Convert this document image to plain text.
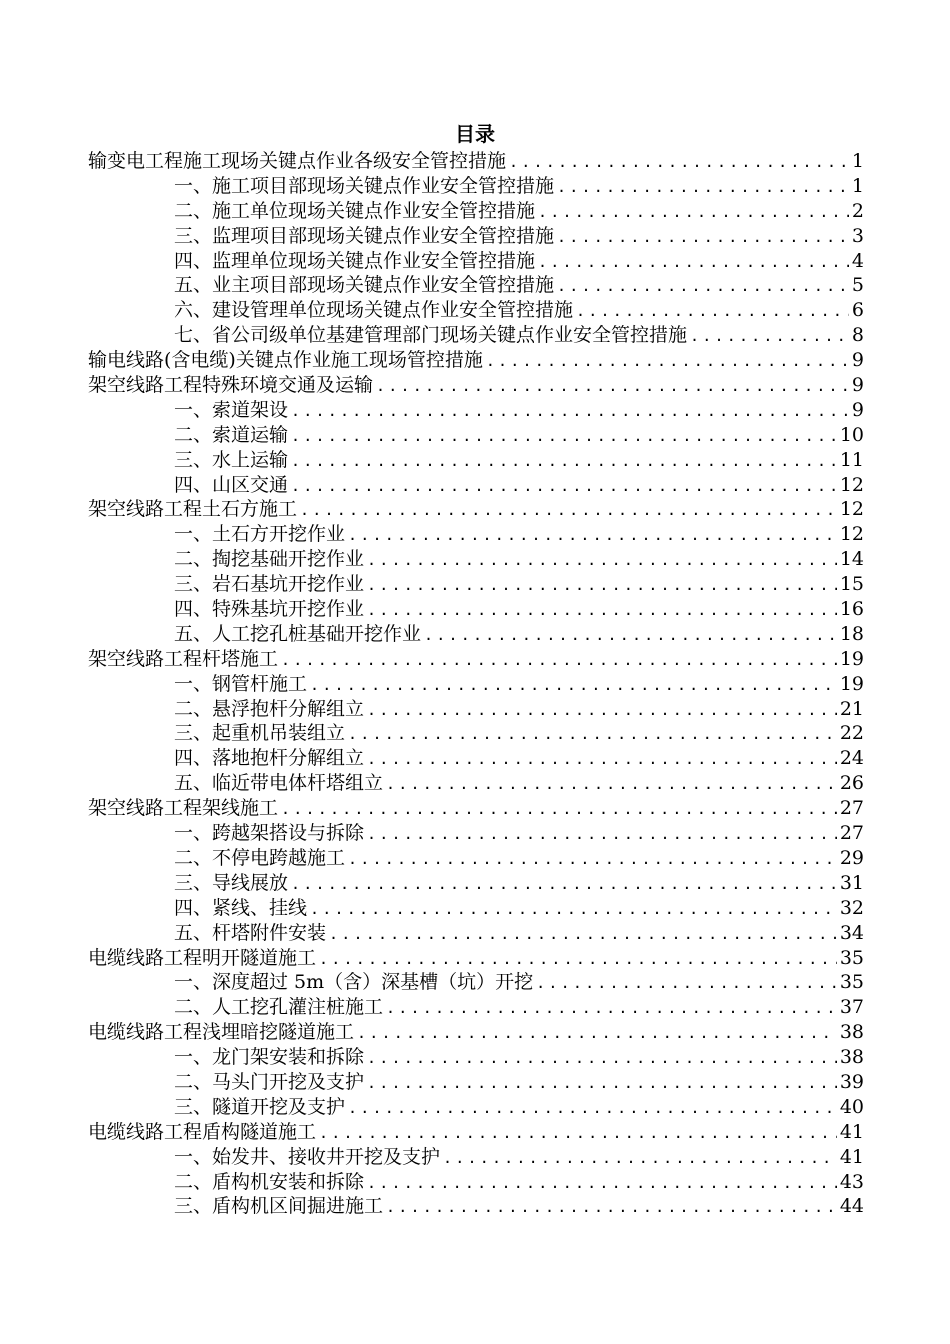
目录
输变电工程施工现场关键点作业各级安全管控措施 .....	1
一、施工项目部现场关键点作业安全管控措施 .....	1
二、施工单位现场关键点作业安全管控措施 .....	2
三、监理项目部现场关键点作业安全管控措施 .....	3
四、监理单位现场关键点作业安全管控措施 .....	4
五、业主项目部现场关键点作业安全管控措施 .....	5
六、建设管理单位现场关键点作业安全管控措施 .....	6
七、省公司级单位基建管理部门现场关键点作业安全管控措施 .....	8
输电线路(含电缆)关键点作业施工现场管控措施 .....	9
架空线路工程特殊环境交通及运输 .....	9
一、索道架设 .....	9
二、索道运输 .....	10
三、水上运输 .....	11
四、山区交通 .....	12
架空线路工程土石方施工 .....	12
一、土石方开挖作业 .....	12
二、掏挖基础开挖作业 .....	14
三、岩石基坑开挖作业 .....	15
四、特殊基坑开挖作业 .....	16
五、人工挖孔桩基础开挖作业 .....	18
架空线路工程杆塔施工 .....	19
一、钢管杆施工 .....	19
二、悬浮抱杆分解组立 .....	21
三、起重机吊装组立 .....	22
四、落地抱杆分解组立 .....	24
五、临近带电体杆塔组立 .....	26
架空线路工程架线施工 .....	27
一、跨越架搭设与拆除 .....	27
二、不停电跨越施工 .....	29
三、导线展放 .....	31
四、紧线、挂线 .....	32
五、杆塔附件安装 .....	34
电缆线路工程明开隧道施工 .....	35
一、深度超过 5m（含）深基槽（坑）开挖 .....	35
二、人工挖孔灌注桩施工 .....	37
电缆线路工程浅埋暗挖隧道施工 .....	38
一、龙门架安装和拆除 .....	38
二、马头门开挖及支护 .....	39
三、隧道开挖及支护 .....	40
电缆线路工程盾构隧道施工 .....	41
一、始发井、接收井开挖及支护 .....	41
二、盾构机安装和拆除 .....	43
三、盾构机区间掘进施工 .....	44
